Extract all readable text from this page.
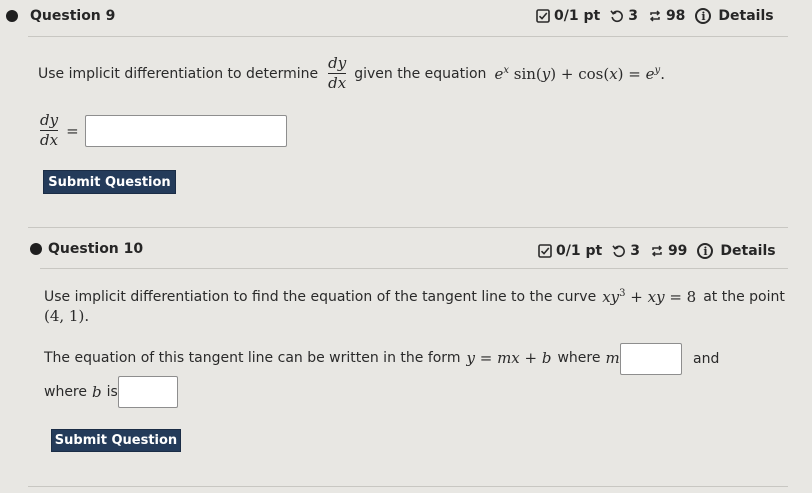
Question 9	0/1 pt 3 98	i Details
Use implicit differentiation to determine $\frac{dy}{dx}$ given the equation $e^x$ $\sin(y) + \cos(x) = e^y$.
$\frac{dy}{dx}$ =
Submit Question
Question 10	0/1 pt 3 99	i Details
Use implicit differentiation to find the equation of the tangent line to the curve $xy^3$ + xy = 8 at the point
(4, 1).
The equation of this tangent line can be written in the form y = mx + b where m	and
where b is
Submit Question
